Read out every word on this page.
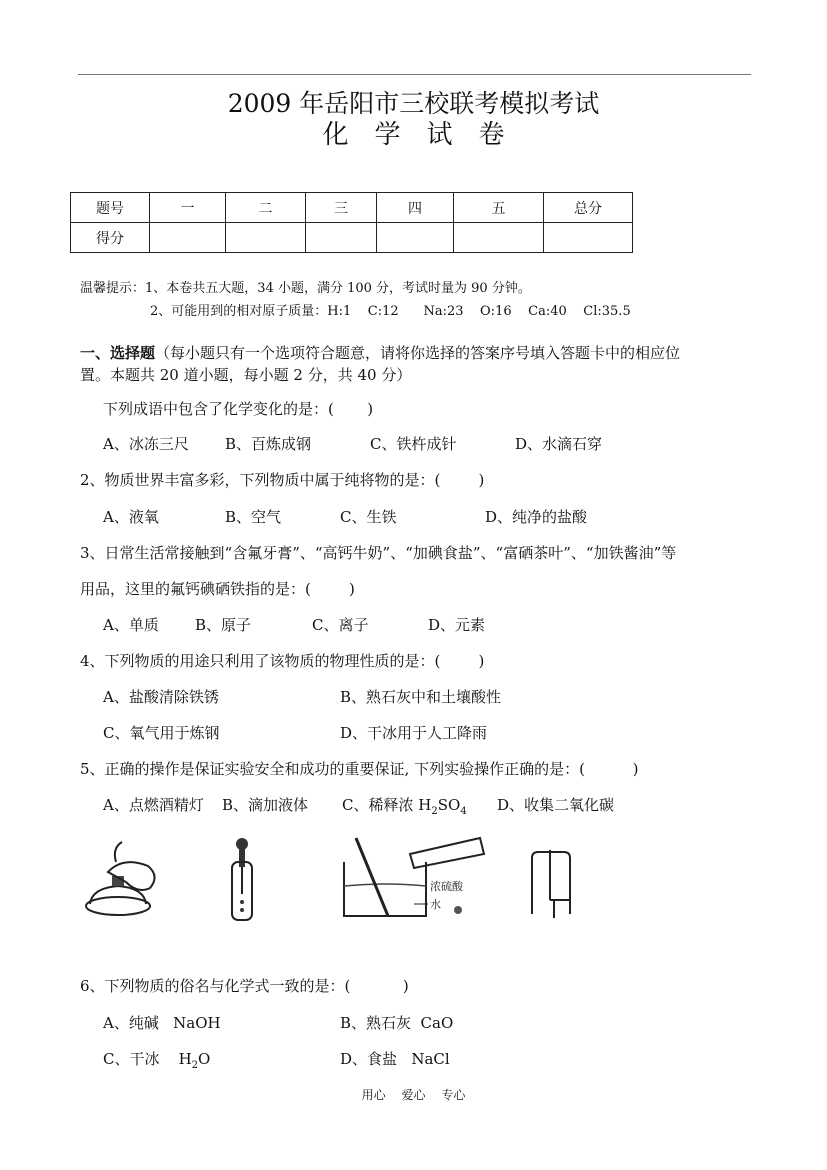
2009 年岳阳市三校联考模拟考试
化学试卷
题号	一	二	三	四	五	总分
得分						
温馨提示：1、本卷共五大题，34 小题，满分 100 分，考试时量为 90 分钟。
2、可能用到的相对原子质量：H:1    C:12      Na:23    O:16    Ca:40    Cl:35.5
一、选择题（每小题只有一个选项符合题意，请将你选择的答案序号填入答题卡中的相应位
置。本题共 20 道小题，每小题 2 分，共 40 分）
下列成语中包含了化学变化的是：(       )
A、冰冻三尺 B、百炼成钢	C、铁杵成针	D、水滴石穿
2、物质世界丰富多彩，下列物质中属于纯将物的是：(        )
A、液氧	B、空气	C、生铁	D、纯净的盐酸
3、日常生活常接触到“含氟牙膏”、“高钙牛奶”、“加碘食盐”、“富硒茶叶”、“加铁酱油”等
用品，这里的氟钙碘硒铁指的是：(        )
A、单质 B、原子	C、离子	D、元素
4、下列物质的用途只利用了该物质的物理性质的是：(        )
A、盐酸清除铁锈	B、熟石灰中和土壤酸性
C、氧气用于炼钢	D、干冰用于人工降雨
5、正确的操作是保证实验安全和成功的重要保证, 下列实验操作正确的是：(          )
A、点燃酒精灯 B、滴加液体 C、稀释浓 $H_2SO_4$ D、收集二氧化碳
浓硫酸
水
6、下列物质的俗名与化学式一致的是：(           )
A、纯碱   NaOH	B、熟石灰  CaO
C、干冰    $H_2O$	D、食盐   NaCl
用心 爱心 专心
